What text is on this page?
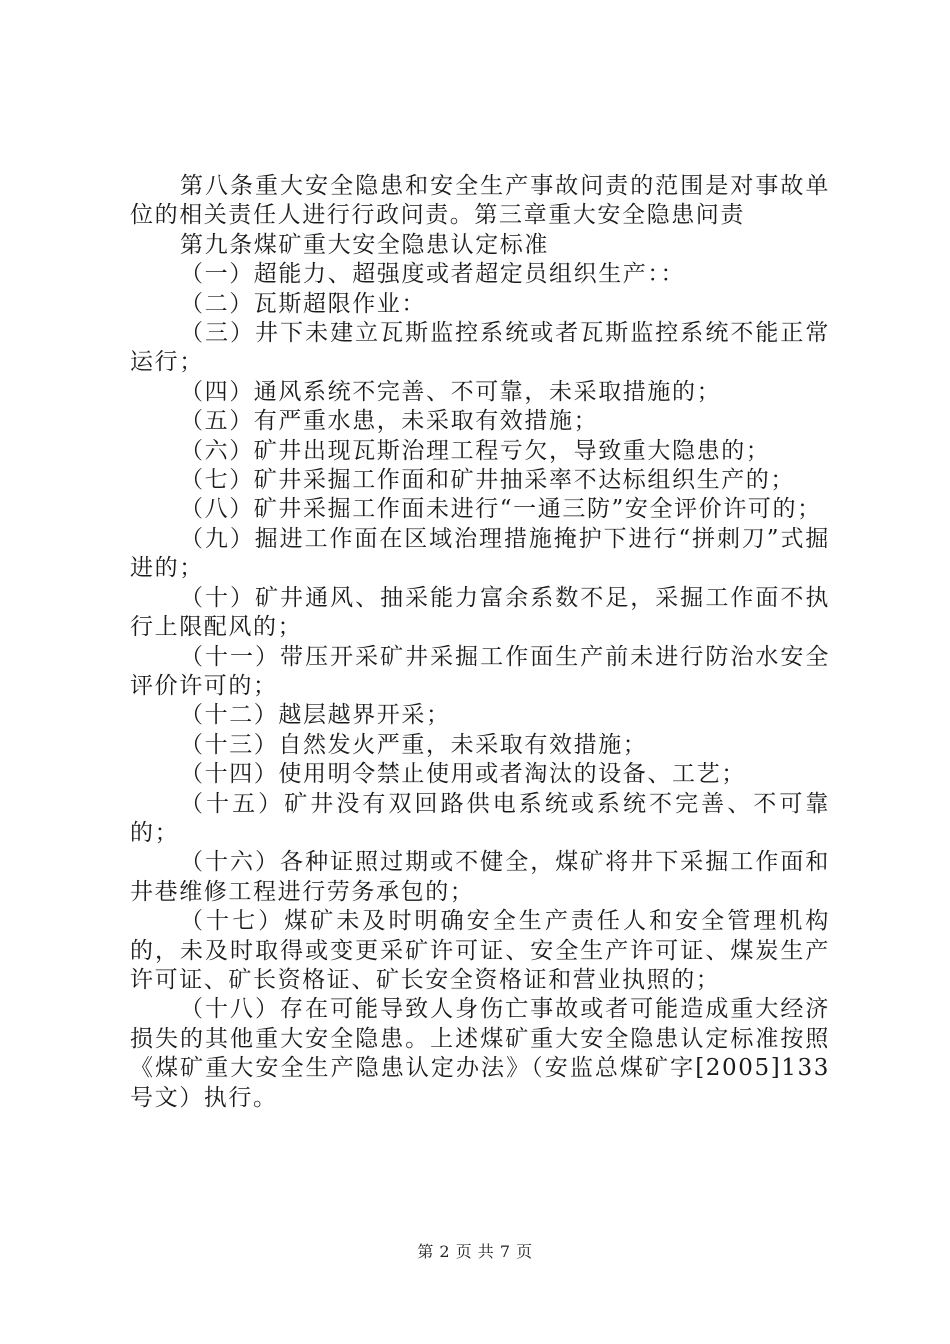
第八条重大安全隐患和安全生产事故问责的范围是对事故单位的相关责任人进行行政问责。第三章重大安全隐患问责

第九条煤矿重大安全隐患认定标准

（一）超能力、超强度或者超定员组织生产：：

（二）瓦斯超限作业：

（三）井下未建立瓦斯监控系统或者瓦斯监控系统不能正常运行；

（四）通风系统不完善、不可靠，未采取措施的；

（五）有严重水患，未采取有效措施；

（六）矿井出现瓦斯治理工程亏欠，导致重大隐患的；

（七）矿井采掘工作面和矿井抽采率不达标组织生产的；

（八）矿井采掘工作面未进行“一通三防”安全评价许可的；

（九）掘进工作面在区域治理措施掩护下进行“拼刺刀”式掘进的；

（十）矿井通风、抽采能力富余系数不足，采掘工作面不执行上限配风的；

（十一）带压开采矿井采掘工作面生产前未进行防治水安全评价许可的；

（十二）越层越界开采；

（十三）自然发火严重，未采取有效措施；

（十四）使用明令禁止使用或者淘汰的设备、工艺；

（十五）矿井没有双回路供电系统或系统不完善、不可靠的；

（十六）各种证照过期或不健全，煤矿将井下采掘工作面和井巷维修工程进行劳务承包的；

（十七）煤矿未及时明确安全生产责任人和安全管理机构的，未及时取得或变更采矿许可证、安全生产许可证、煤炭生产许可证、矿长资格证、矿长安全资格证和营业执照的；

（十八）存在可能导致人身伤亡事故或者可能造成重大经济损失的其他重大安全隐患。上述煤矿重大安全隐患认定标准按照《煤矿重大安全生产隐患认定办法》（安监总煤矿字[2005]133号文）执行。

第 2 页 共 7 页
